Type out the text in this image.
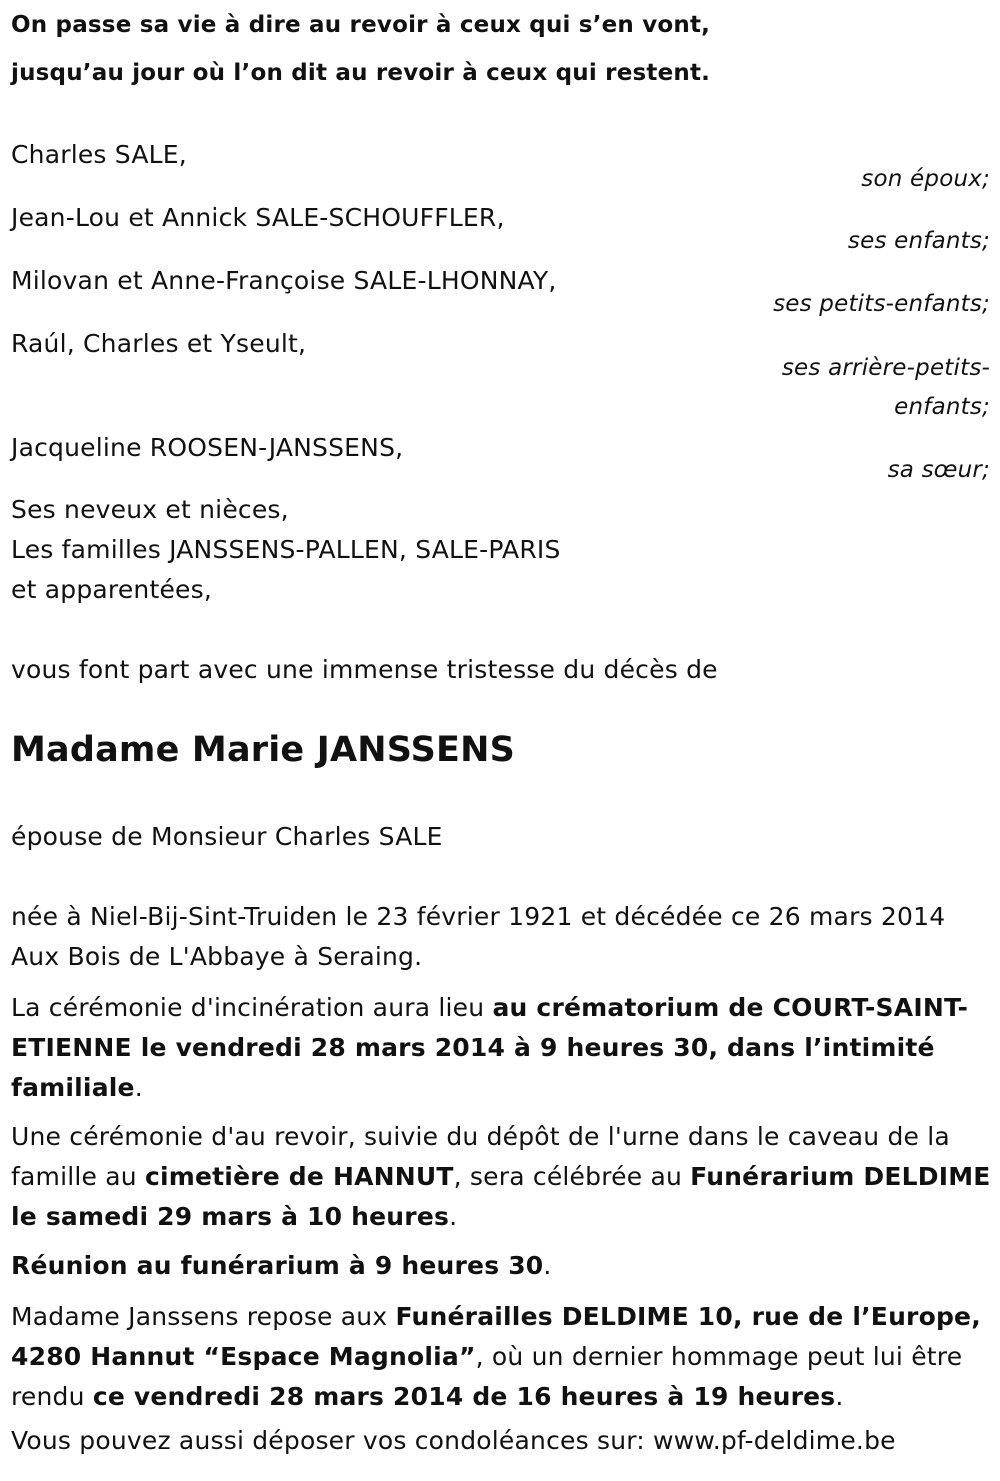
On passe sa vie à dire au revoir à ceux qui s’en vont,
jusqu’au jour où l’on dit au revoir à ceux qui restent.
Charles SALE,
son époux;
Jean-Lou et Annick SALE-SCHOUFFLER,
ses enfants;
Milovan et Anne-Françoise SALE-LHONNAY,
ses petits-enfants;
Raúl, Charles et Yseult,
ses arrière-petits-
enfants;
Jacqueline ROOSEN-JANSSENS,
sa sœur;
Ses neveux et nièces,
Les familles JANSSENS-PALLEN, SALE-PARIS
et apparentées,
vous font part avec une immense tristesse du décès de
Madame Marie JANSSENS
épouse de Monsieur Charles SALE
née à Niel-Bij-Sint-Truiden le 23 février 1921 et décédée ce 26 mars 2014
Aux Bois de L'Abbaye à Seraing.
La cérémonie d'incinération aura lieu au crématorium de COURT-SAINT-ETIENNE le vendredi 28 mars 2014 à 9 heures 30, dans l’intimité familiale.
Une cérémonie d'au revoir, suivie du dépôt de l'urne dans le caveau de la famille au cimetière de HANNUT, sera célébrée au Funérarium DELDIME le samedi 29 mars à 10 heures.
Réunion au funérarium à 9 heures 30.
Madame Janssens repose aux Funérailles DELDIME 10, rue de l’Europe, 4280 Hannut “Espace Magnolia”, où un dernier hommage peut lui être rendu ce vendredi 28 mars 2014 de 16 heures à 19 heures.
Vous pouvez aussi déposer vos condoléances sur: www.pf-deldime.be
